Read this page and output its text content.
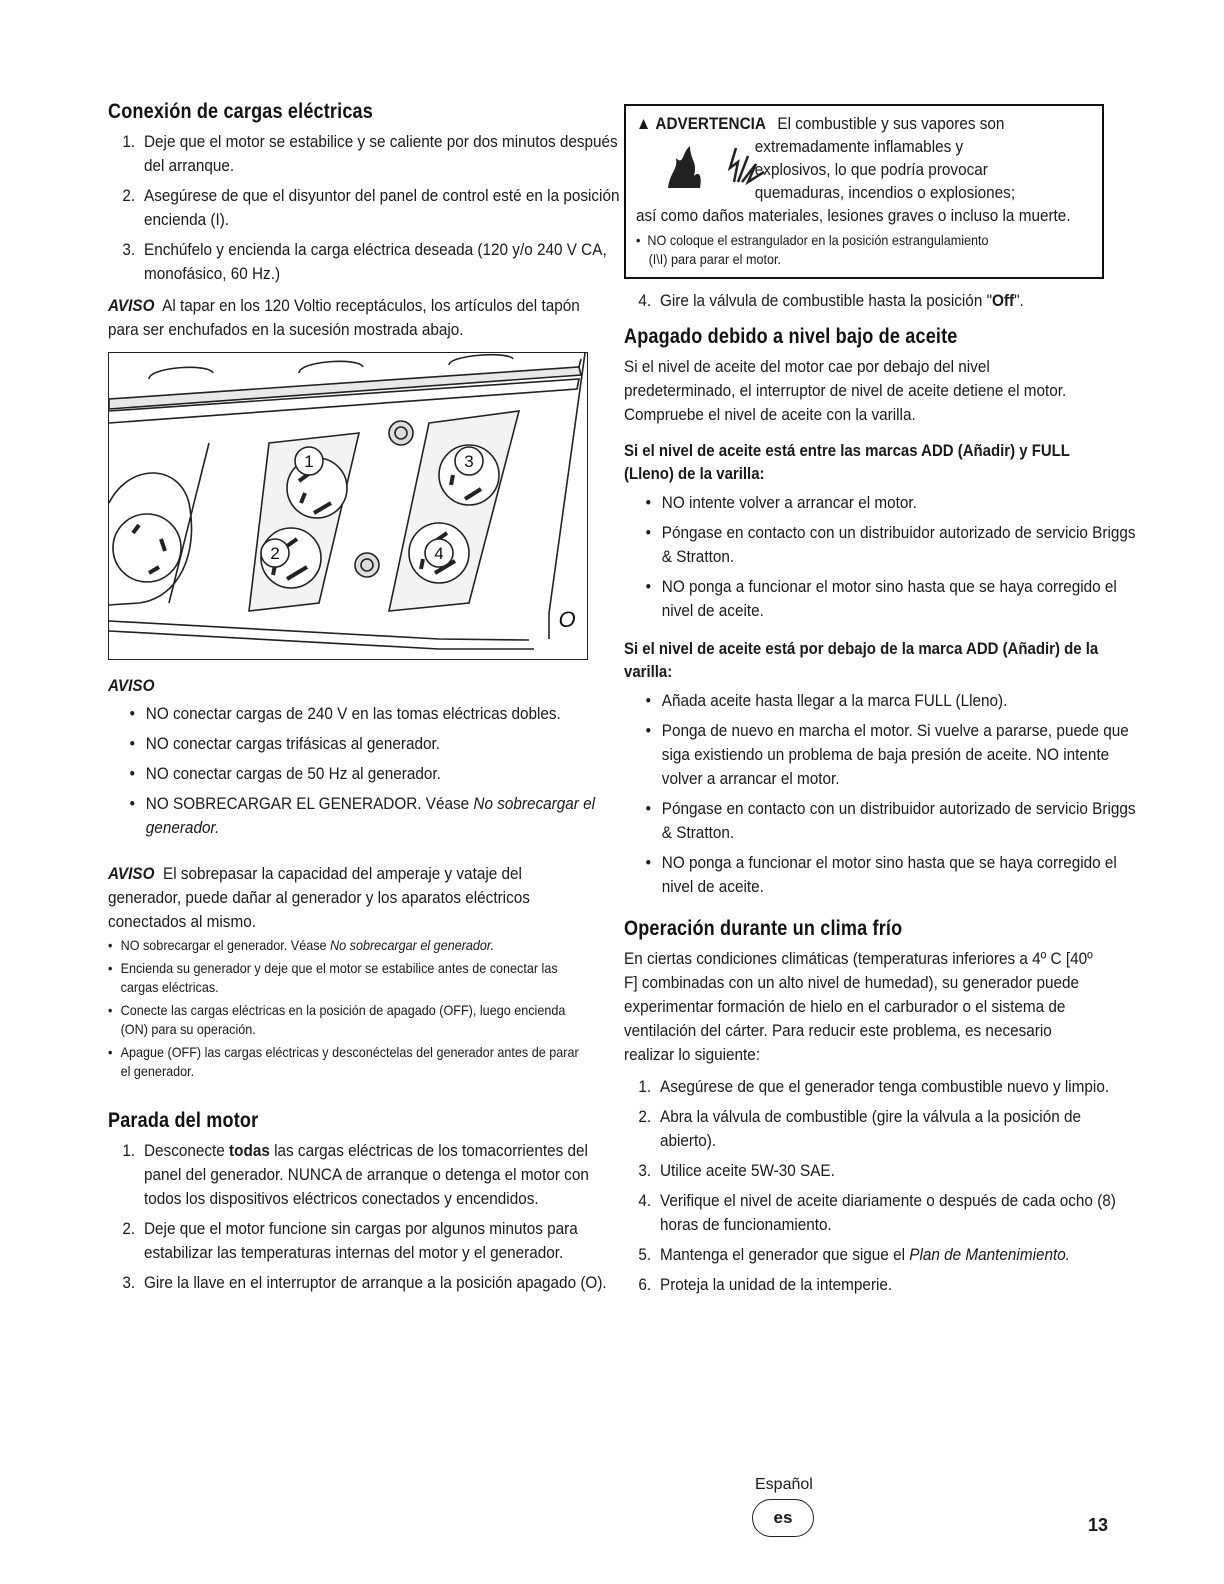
Conexión de cargas eléctricas
1. Deje que el motor se estabilice y se caliente por dos minutos después del arranque.
2. Asegúrese de que el disyuntor del panel de control esté en la posición encienda (I).
3. Enchúfelo y encienda la carga eléctrica deseada (120 y/o 240 V CA, monofásico, 60 Hz.)

AVISO Al tapar en los 120 Voltio receptáculos, los artículos del tapón para ser enchufados en la sucesión mostrada abajo.

1
2
3
4
O
AVISO
• NO conectar cargas de 240 V en las tomas eléctricas dobles.
• NO conectar cargas trifásicas al generador.
• NO conectar cargas de 50 Hz al generador.
• NO SOBRECARGAR EL GENERADOR. Véase No sobrecargar el generador.

AVISO El sobrepasar la capacidad del amperaje y vataje del generador, puede dañar al generador y los aparatos eléctricos conectados al mismo.

• NO sobrecargar el generador. Véase No sobrecargar el generador.
• Encienda su generador y deje que el motor se estabilice antes de conectar las cargas eléctricas.
• Conecte las cargas eléctricas en la posición de apagado (OFF), luego encienda (ON) para su operación.
• Apague (OFF) las cargas eléctricas y desconéctelas del generador antes de parar el generador.
Parada del motor
1. Desconecte todas las cargas eléctricas de los tomacorrientes del panel del generador. NUNCA de arranque o detenga el motor con todos los dispositivos eléctricos conectados y encendidos.
2. Deje que el motor funcione sin cargas por algunos minutos para estabilizar las temperaturas internas del motor y el generador.
3. Gire la llave en el interruptor de arranque a la posición apagado (O).
▲ ADVERTENCIA El combustible y sus vapores son
extremadamente inflamables y
explosivos, lo que podría provocar
quemaduras, incendios o explosiones;
así como daños materiales, lesiones graves o incluso la muerte.
•  NO coloque el estrangulador en la posición estrangulamiento
(I\I) para parar el motor.
4. Gire la válvula de combustible hasta la posición "Off".
Apagado debido a nivel bajo de aceite

Si el nivel de aceite del motor cae por debajo del nivel predeterminado, el interruptor de nivel de aceite detiene el motor. Compruebe el nivel de aceite con la varilla.

Si el nivel de aceite está entre las marcas ADD (Añadir) y FULL (Lleno) de la varilla:
• NO intente volver a arrancar el motor.
• Póngase en contacto con un distribuidor autorizado de servicio Briggs & Stratton.
• NO ponga a funcionar el motor sino hasta que se haya corregido el nivel de aceite.
Si el nivel de aceite está por debajo de la marca ADD (Añadir) de la varilla:
• Añada aceite hasta llegar a la marca FULL (Lleno).
• Ponga de nuevo en marcha el motor. Si vuelve a pararse, puede que siga existiendo un problema de baja presión de aceite. NO intente volver a arrancar el motor.
• Póngase en contacto con un distribuidor autorizado de servicio Briggs & Stratton.
• NO ponga a funcionar el motor sino hasta que se haya corregido el nivel de aceite.
Operación durante un clima frío

En ciertas condiciones climáticas (temperaturas inferiores a 4º C [40º F] combinadas con un alto nivel de humedad), su generador puede experimentar formación de hielo en el carburador o el sistema de ventilación del cárter. Para reducir este problema, es necesario realizar lo siguiente:

1. Asegúrese de que el generador tenga combustible nuevo y limpio.
2. Abra la válvula de combustible (gire la válvula a la posición de abierto).
3. Utilice aceite 5W-30 SAE.
4. Verifique el nivel de aceite diariamente o después de cada ocho (8) horas de funcionamiento.
5. Mantenga el generador que sigue el Plan de Mantenimiento.
6. Proteja la unidad de la intemperie.
Español
es	13
